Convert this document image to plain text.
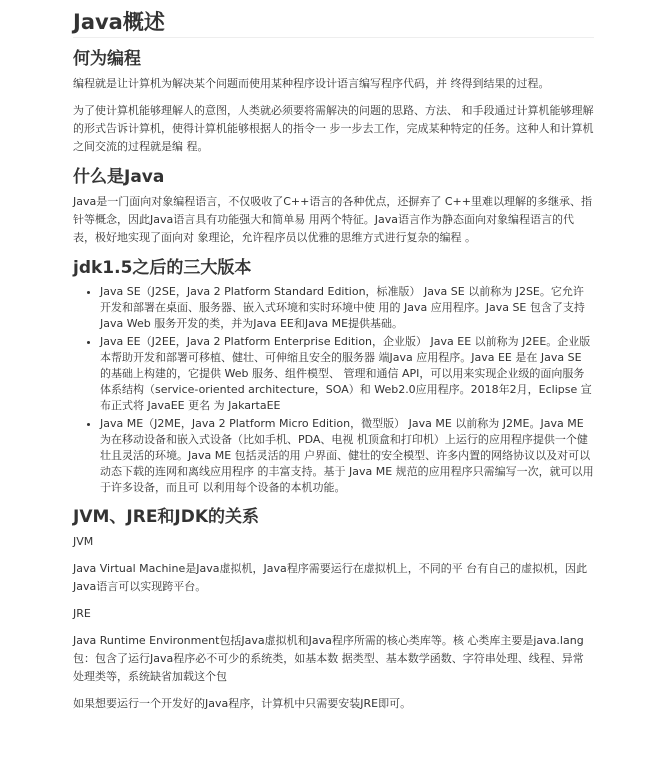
Java概述
何为编程

编程就是让计算机为解决某个问题而使用某种程序设计语言编写程序代码，并 终得到结果的过程。

为了使计算机能够理解人的意图，人类就必须要将需解决的问题的思路、方法、 和手段通过计算机能够理解的形式告诉计算机，使得计算机能够根据人的指令一 步一步去工作，完成某种特定的任务。这种人和计算机之间交流的过程就是编 程。

什么是Java

Java是一门面向对象编程语言，不仅吸收了C++语言的各种优点，还摒弃了 C++里难以理解的多继承、指针等概念，因此Java语言具有功能强大和简单易 用两个特征。Java语言作为静态面向对象编程语言的代表，极好地实现了面向对 象理论，允许程序员以优雅的思维方式进行复杂的编程 。

jdk1.5之后的三大版本
• Java SE（J2SE，Java 2 Platform Standard Edition，标准版） Java SE 以前称为 J2SE。它允许开发和部署在桌面、服务器、嵌入式环境和实时环境中使 用的 Java 应用程序。Java SE 包含了支持 Java Web 服务开发的类，并为Java EE和Java ME提供基础。
• Java EE（J2EE，Java 2 Platform Enterprise Edition，企业版） Java EE 以前称为 J2EE。企业版本帮助开发和部署可移植、健壮、可伸缩且安全的服务器 端Java 应用程序。Java EE 是在 Java SE 的基础上构建的，它提供 Web 服务、组件模型、 管理和通信 API，可以用来实现企业级的面向服务体系结构（service-oriented architecture，SOA）和 Web2.0应用程序。2018年2月，Eclipse 宣布正式将 JavaEE 更名 为 JakartaEE
• Java ME（J2ME，Java 2 Platform Micro Edition，微型版） Java ME 以前称为 J2ME。Java ME 为在移动设备和嵌入式设备（比如手机、PDA、电视 机顶盒和打印机）上运行的应用程序提供一个健壮且灵活的环境。Java ME 包括灵活的用 户界面、健壮的安全模型、许多内置的网络协议以及对可以动态下载的连网和离线应用程序 的丰富支持。基于 Java ME 规范的应用程序只需编写一次，就可以用于许多设备，而且可 以利用每个设备的本机功能。
JVM、JRE和JDK的关系

JVM

Java Virtual Machine是Java虚拟机，Java程序需要运行在虚拟机上，不同的平 台有自己的虚拟机，因此Java语言可以实现跨平台。

JRE

Java Runtime Environment包括Java虚拟机和Java程序所需的核心类库等。核 心类库主要是java.lang包：包含了运行Java程序必不可少的系统类，如基本数 据类型、基本数学函数、字符串处理、线程、异常处理类等，系统缺省加载这个包

如果想要运行一个开发好的Java程序，计算机中只需要安装JRE即可。
